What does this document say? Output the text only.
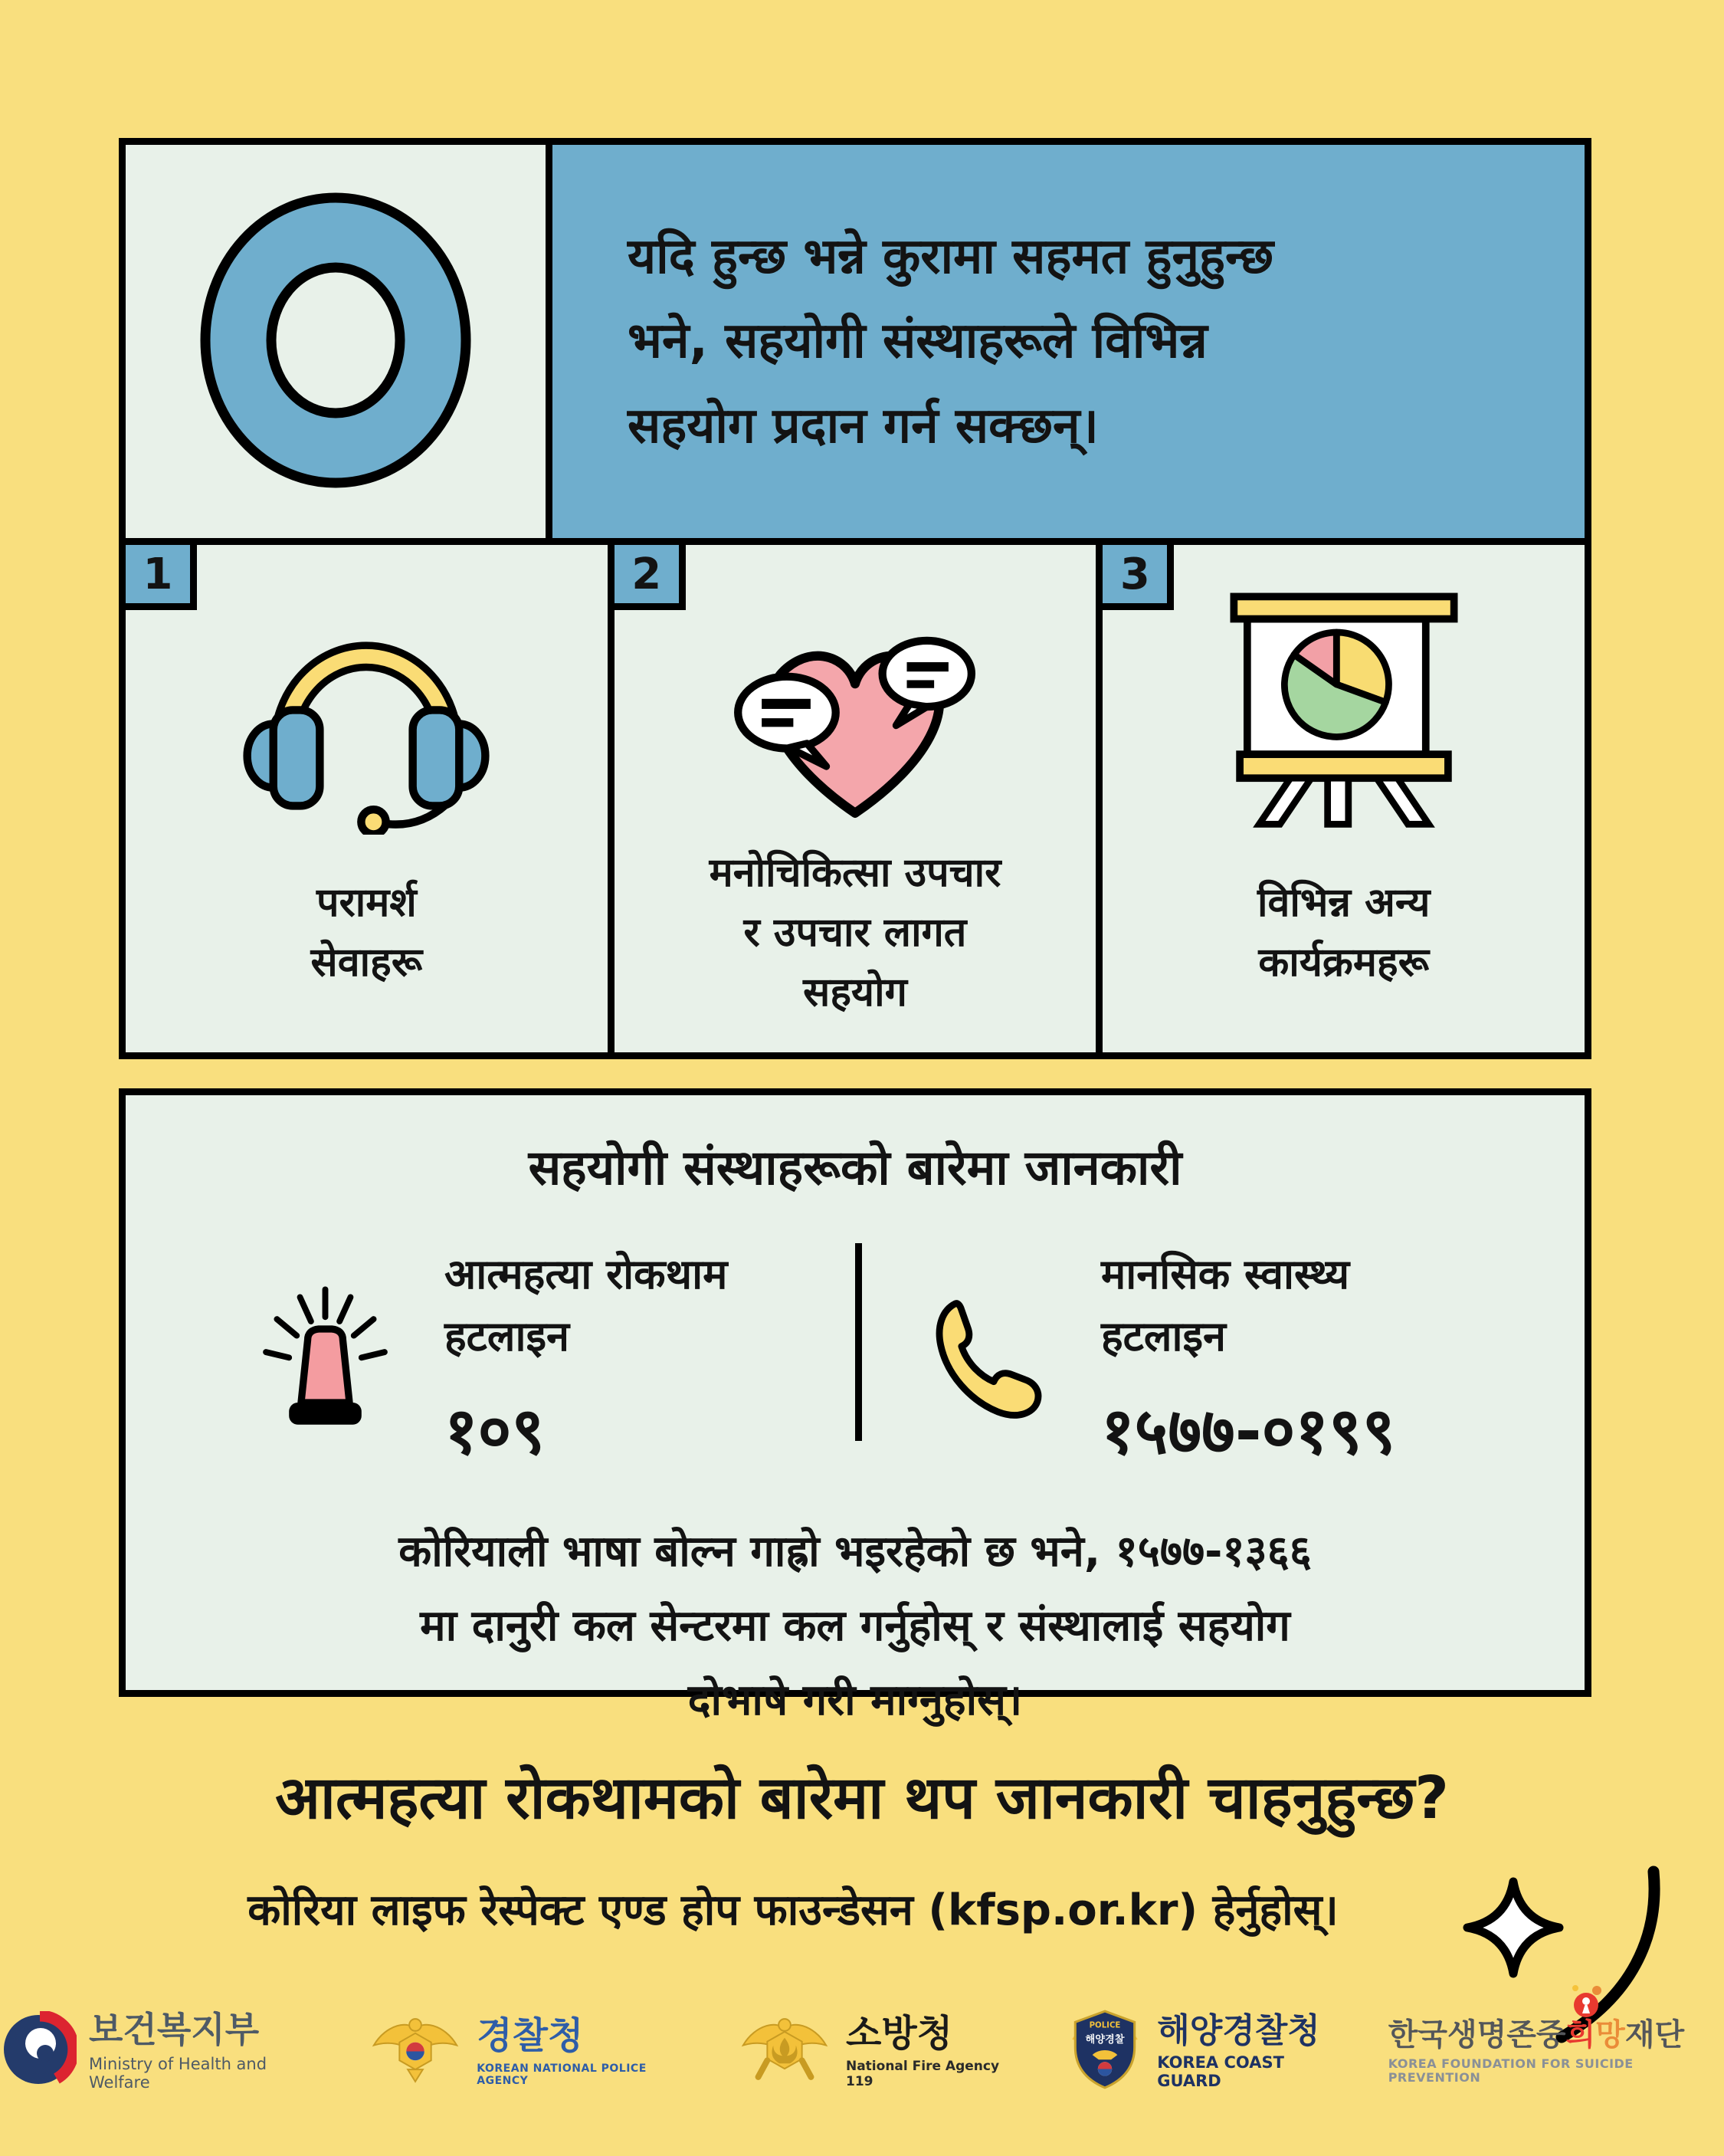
यदि हुन्छ भन्ने कुरामा सहमत हुनुहुन्छ
भने, सहयोगी संस्थाहरूले विभिन्न
सहयोग प्रदान गर्न सक्छन्।
1
परामर्श
सेवाहरू
2
मनोचिकित्सा उपचार
र उपचार लागत
सहयोग
3
विभिन्न अन्य
कार्यक्रमहरू
सहयोगी संस्थाहरूको बारेमा जानकारी
आत्महत्या रोकथाम
हटलाइन
१०९
मानसिक स्वास्थ्य
हटलाइन
१५७७-०१९९
कोरियाली भाषा बोल्न गाह्रो भइरहेको छ भने, १५७७-१३६६
मा दानुरी कल सेन्टरमा कल गर्नुहोस् र संस्थालाई सहयोग
दोभाषे गरी माग्नुहोस्।
आत्महत्या रोकथामको बारेमा थप जानकारी चाहनुहुन्छ?
कोरिया लाइफ रेस्पेक्ट एण्ड होप फाउन्डेसन (kfsp.or.kr) हेर्नुहोस्।
보건복지부
Ministry of Health and Welfare
경찰청
KOREAN NATIONAL POLICE AGENCY
소방청
National Fire Agency 119
POLICE
해양경찰 해양경찰청
KOREA COAST GUARD
한국생명존중희망재단
KOREA FOUNDATION FOR SUICIDE PREVENTION
